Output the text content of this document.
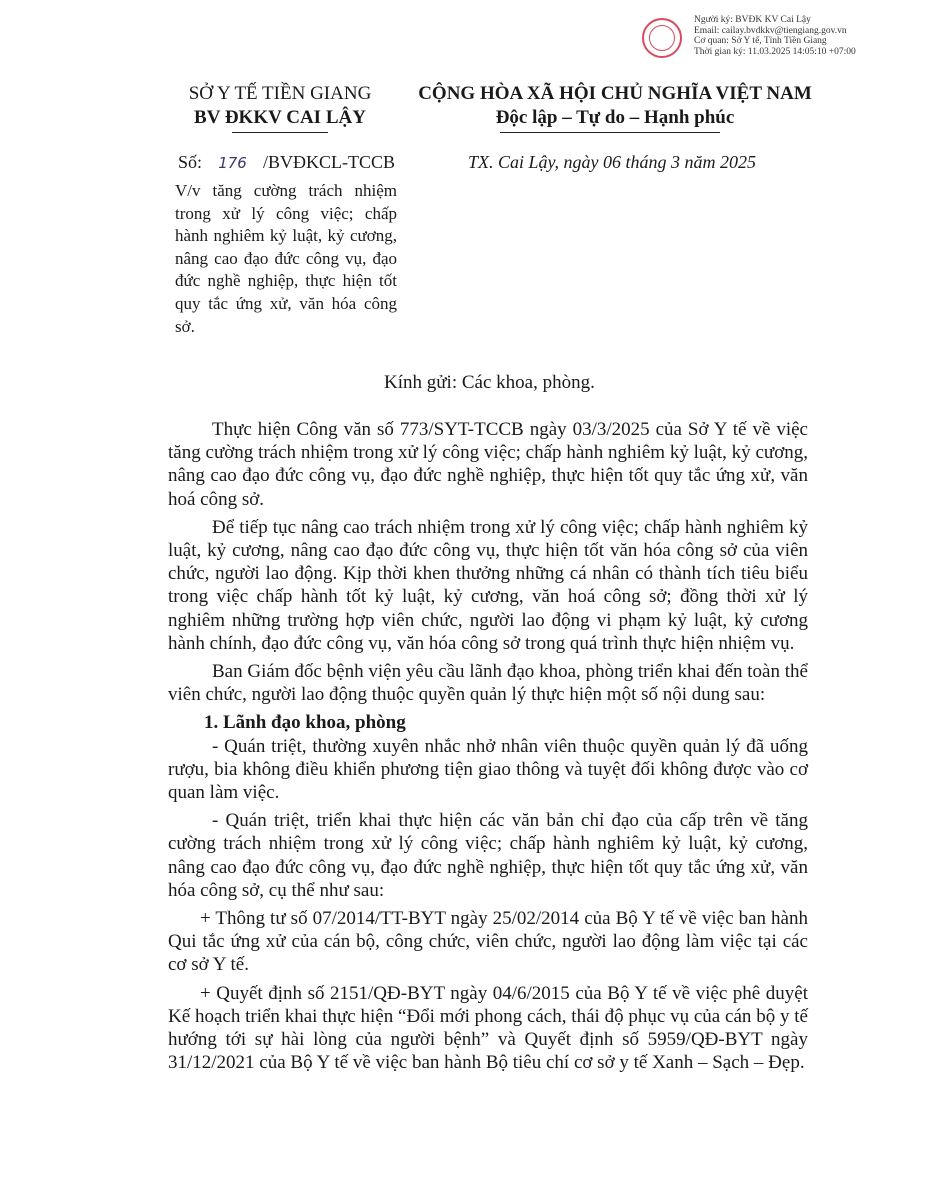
Người ký: BVĐK KV Cai Lậy
Email: cailay.bvdkkv@tiengiang.gov.vn
Cơ quan: Sở Y tế, Tỉnh Tiền Giang
Thời gian ký: 11.03.2025 14:05:10 +07:00
SỞ Y TẾ TIỀN GIANG
BV ĐKKV CAI LẬY
CỘNG HÒA XÃ HỘI CHỦ NGHĨA VIỆT NAM
Độc lập – Tự do – Hạnh phúc
Số: 176 /BVĐKCL-TCCB	TX. Cai Lậy, ngày 06 tháng 3 năm 2025
V/v tăng cường trách nhiệm trong xử lý công việc; chấp hành nghiêm kỷ luật, kỷ cương, nâng cao đạo đức công vụ, đạo đức nghề nghiệp, thực hiện tốt quy tắc ứng xử, văn hóa công sở.
Kính gửi: Các khoa, phòng.

Thực hiện Công văn số 773/SYT-TCCB ngày 03/3/2025 của Sở Y tế về việc tăng cường trách nhiệm trong xử lý công việc; chấp hành nghiêm kỷ luật, kỷ cương, nâng cao đạo đức công vụ, đạo đức nghề nghiệp, thực hiện tốt quy tắc ứng xử, văn hoá công sở.

Để tiếp tục nâng cao trách nhiệm trong xử lý công việc; chấp hành nghiêm kỷ luật, kỷ cương, nâng cao đạo đức công vụ, thực hiện tốt văn hóa công sở của viên chức, người lao động. Kịp thời khen thưởng những cá nhân có thành tích tiêu biểu trong việc chấp hành tốt kỷ luật, kỷ cương, văn hoá công sở; đồng thời xử lý nghiêm những trường hợp viên chức, người lao động vi phạm kỷ luật, kỷ cương hành chính, đạo đức công vụ, văn hóa công sở trong quá trình thực hiện nhiệm vụ.

Ban Giám đốc bệnh viện yêu cầu lãnh đạo khoa, phòng triển khai đến toàn thể viên chức, người lao động thuộc quyền quản lý thực hiện một số nội dung sau:

1. Lãnh đạo khoa, phòng

- Quán triệt, thường xuyên nhắc nhở nhân viên thuộc quyền quản lý đã uống rượu, bia không điều khiển phương tiện giao thông và tuyệt đối không được vào cơ quan làm việc.

- Quán triệt, triển khai thực hiện các văn bản chỉ đạo của cấp trên về tăng cường trách nhiệm trong xử lý công việc; chấp hành nghiêm kỷ luật, kỷ cương, nâng cao đạo đức công vụ, đạo đức nghề nghiệp, thực hiện tốt quy tắc ứng xử, văn hóa công sở, cụ thể như sau:

+ Thông tư số 07/2014/TT-BYT ngày 25/02/2014 của Bộ Y tế về việc ban hành Qui tắc ứng xử của cán bộ, công chức, viên chức, người lao động làm việc tại các cơ sở Y tế.

+ Quyết định số 2151/QĐ-BYT ngày 04/6/2015 của Bộ Y tế về việc phê duyệt Kế hoạch triển khai thực hiện “Đổi mới phong cách, thái độ phục vụ của cán bộ y tế hướng tới sự hài lòng của người bệnh” và Quyết định số 5959/QĐ-BYT ngày 31/12/2021 của Bộ Y tế về việc ban hành Bộ tiêu chí cơ sở y tế Xanh – Sạch – Đẹp.
